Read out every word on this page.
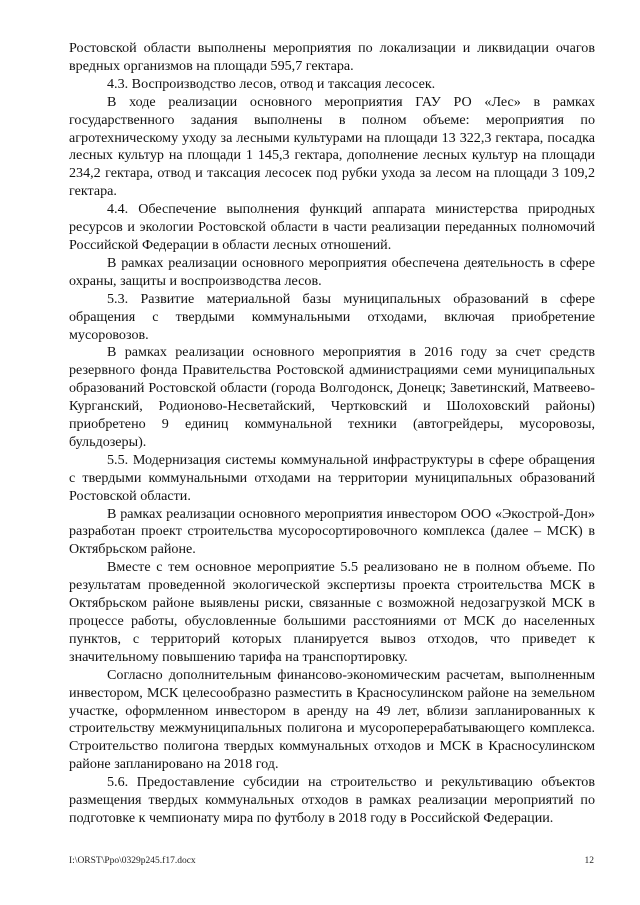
Ростовской области выполнены мероприятия по локализации и ликвидации очагов вредных организмов на площади 595,7 гектара.

4.3. Воспроизводство лесов, отвод и таксация лесосек.

В ходе реализации основного мероприятия ГАУ РО «Лес» в рамках государственного задания выполнены в полном объеме: мероприятия по агротехническому уходу за лесными культурами на площади 13 322,3 гектара, посадка лесных культур на площади 1 145,3 гектара, дополнение лесных культур на площади 234,2 гектара, отвод и таксация лесосек под рубки ухода за лесом на площади 3 109,2 гектара.

4.4. Обеспечение выполнения функций аппарата министерства природных ресурсов и экологии Ростовской области в части реализации переданных полномочий Российской Федерации в области лесных отношений.

В рамках реализации основного мероприятия обеспечена деятельность в сфере охраны, защиты и воспроизводства лесов.

5.3. Развитие материальной базы муниципальных образований в сфере обращения с твердыми коммунальными отходами, включая приобретение мусоровозов.

В рамках реализации основного мероприятия в 2016 году за счет средств резервного фонда Правительства Ростовской администрациями семи муниципальных образований Ростовской области (города Волгодонск, Донецк; Заветинский, Матвеево-Курганский, Родионово-Несветайский, Чертковский и Шолоховский районы) приобретено 9 единиц коммунальной техники (автогрейдеры, мусоровозы, бульдозеры).

5.5. Модернизация системы коммунальной инфраструктуры в сфере обращения с твердыми коммунальными отходами на территории муниципальных образований Ростовской области.

В рамках реализации основного мероприятия инвестором ООО «Экострой-Дон» разработан проект строительства мусоросортировочного комплекса (далее – МСК) в Октябрьском районе.

Вместе с тем основное мероприятие 5.5 реализовано не в полном объеме. По результатам проведенной экологической экспертизы проекта строительства МСК в Октябрьском районе выявлены риски, связанные с возможной недозагрузкой МСК в процессе работы, обусловленные большими расстояниями от МСК до населенных пунктов, с территорий которых планируется вывоз отходов, что приведет к значительному повышению тарифа на транспортировку.

Согласно дополнительным финансово-экономическим расчетам, выполненным инвестором, МСК целесообразно разместить в Красносулинском районе на земельном участке, оформленном инвестором в аренду на 49 лет, вблизи запланированных к строительству межмуниципальных полигона и мусороперерабатывающего комплекса. Строительство полигона твердых коммунальных отходов и МСК в Красносулинском районе запланировано на 2018 год.

5.6. Предоставление субсидии на строительство и рекультивацию объектов размещения твердых коммунальных отходов в рамках реализации мероприятий по подготовке к чемпионату мира по футболу в 2018 году в Российской Федерации.

I:\ORST\Ppo\0329p245.f17.docx	12
